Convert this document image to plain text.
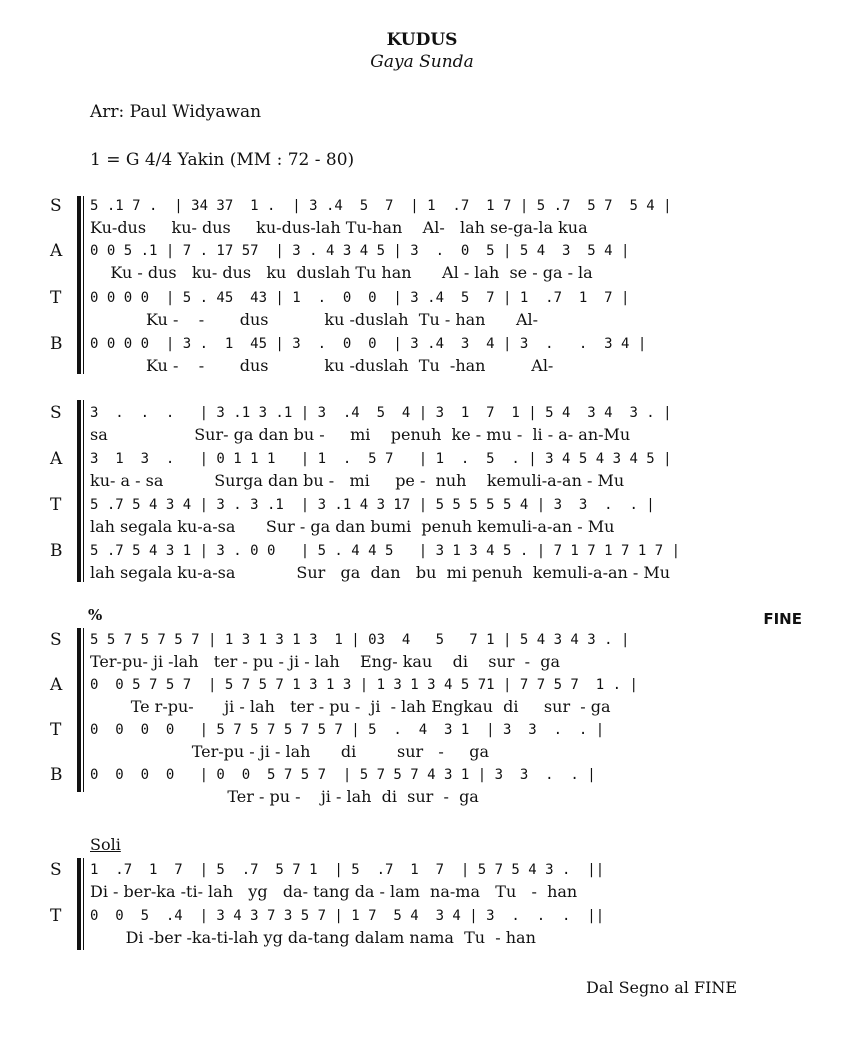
KUDUS
Gaya Sunda
Arr: Paul Widyawan
1 = G 4/4 Yakin (MM : 72 - 80)
S 5 .1 7 .  | 34 37  1 .  | 3 .4  5  7  | 1  .7  1 7 | 5 .7  5 7  5 4 |
Ku-dus     ku- dus     ku-dus-lah Tu-han    Al-   lah se-ga-la kua
A 0 0 5 .1 | 7 . 17 57  | 3 . 4 3 4 5 | 3  .  0  5 | 5 4  3  5 4 |
Ku - dus   ku- dus   ku  duslah Tu han      Al - lah  se - ga - la
T 0 0 0 0  | 5 . 45  43 | 1  .  0  0  | 3 .4  5  7 | 1  .7  1  7 |
Ku -    -       dus           ku -duslah  Tu - han      Al-
B 0 0 0 0  | 3 .  1  45 | 3  .  0  0  | 3 .4  3  4 | 3  .   .  3 4 |
Ku -    -       dus           ku -duslah  Tu  -han         Al-
S 3  .  .  .   | 3 .1 3 .1 | 3  .4  5  4 | 3  1  7  1 | 5 4  3 4  3 . |
sa                 Sur- ga dan bu -     mi    penuh  ke - mu -  li - a- an-Mu
A 3  1  3  .   | 0 1 1 1   | 1  .  5 7   | 1  .  5  . | 3 4 5 4 3 4 5 |
ku- a - sa          Surga dan bu -   mi     pe -  nuh    kemuli-a-an - Mu
T 5 .7 5 4 3 4 | 3 . 3 .1  | 3 .1 4 3 17 | 5 5 5 5 5 4 | 3  3  .  . |
lah segala ku-a-sa      Sur - ga dan bumi  penuh kemuli-a-an - Mu
B 5 .7 5 4 3 1 | 3 . 0 0   | 5 . 4 4 5   | 3 1 3 4 5 . | 7 1 7 1 7 1 7 |
lah segala ku-a-sa            Sur   ga  dan   bu  mi penuh  kemuli-a-an - Mu
%	FINE
S 5 5 7 5 7 5 7 | 1 3 1 3 1 3  1 | 03  4   5   7 1 | 5 4 3 4 3 . |
Ter-pu- ji -lah   ter - pu - ji - lah    Eng- kau    di    sur  -  ga
A 0  0 5 7 5 7  | 5 7 5 7 1 3 1 3 | 1 3 1 3 4 5 71 | 7 7 5 7  1 . |
Te r-pu-      ji - lah   ter - pu -  ji  - lah Engkau  di     sur  - ga
T 0  0  0  0   | 5 7 5 7 5 7 5 7 | 5  .  4  3 1  | 3  3  .  . |
Ter-pu - ji - lah      di        sur   -     ga
B 0  0  0  0   | 0  0  5 7 5 7  | 5 7 5 7 4 3 1 | 3  3  .  . |
Ter - pu -    ji - lah  di  sur  -  ga
Soli
S 1  .7  1  7  | 5  .7  5 7 1  | 5  .7  1  7  | 5 7 5 4 3 .  ||
Di - ber-ka -ti- lah   yg   da- tang da - lam  na-ma   Tu   -  han
T 0  0  5  .4  | 3 4 3 7 3 5 7 | 1 7  5 4  3 4 | 3  .  .  .  ||
Di -ber -ka-ti-lah yg da-tang dalam nama  Tu  - han
Dal Segno al FINE
